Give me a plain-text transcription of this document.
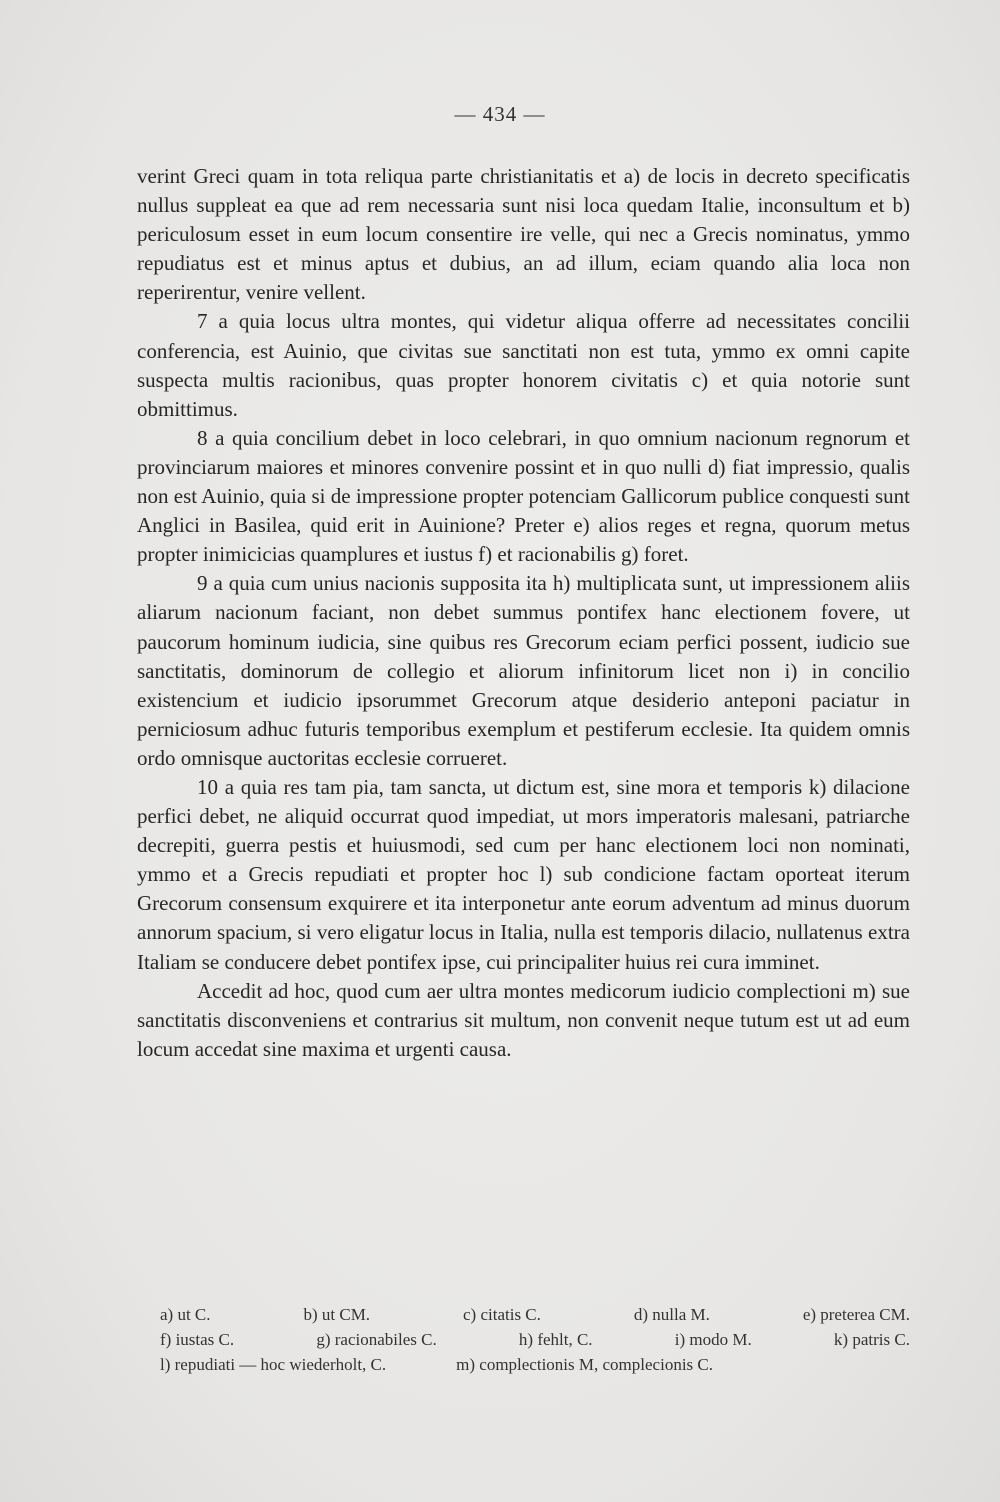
— 434 —

verint Greci quam in tota reliqua parte christianitatis et a) de locis in decreto specificatis nullus suppleat ea que ad rem necessaria sunt nisi loca quedam Italie, inconsultum et b) periculosum esset in eum locum consentire ire velle, qui nec a Grecis nominatus, ymmo repudiatus est et minus aptus et dubius, an ad illum, eciam quando alia loca non reperirentur, venire vellent.

7 a quia locus ultra montes, qui videtur aliqua offerre ad necessitates concilii conferencia, est Auinio, que civitas sue sanctitati non est tuta, ymmo ex omni capite suspecta multis racionibus, quas propter honorem civitatis c) et quia notorie sunt obmittimus.

8 a quia concilium debet in loco celebrari, in quo omnium nacionum regnorum et provinciarum maiores et minores convenire possint et in quo nulli d) fiat impressio, qualis non est Auinio, quia si de impressione propter potenciam Gallicorum publice conquesti sunt Anglici in Basilea, quid erit in Auinione? Preter e) alios reges et regna, quorum metus propter inimicicias quamplures et iustus f) et racionabilis g) foret.

9 a quia cum unius nacionis supposita ita h) multiplicata sunt, ut impressionem aliis aliarum nacionum faciant, non debet summus pontifex hanc electionem fovere, ut paucorum hominum iudicia, sine quibus res Grecorum eciam perfici possent, iudicio sue sanctitatis, dominorum de collegio et aliorum infinitorum licet non i) in concilio existencium et iudicio ipsorummet Grecorum atque desiderio anteponi paciatur in perniciosum adhuc futuris temporibus exemplum et pestiferum ecclesie. Ita quidem omnis ordo omnisque auctoritas ecclesie corrueret.

10 a quia res tam pia, tam sancta, ut dictum est, sine mora et temporis k) dilacione perfici debet, ne aliquid occurrat quod impediat, ut mors imperatoris malesani, patriarche decrepiti, guerra pestis et huiusmodi, sed cum per hanc electionem loci non nominati, ymmo et a Grecis repudiati et propter hoc l) sub condicione factam oporteat iterum Grecorum consensum exquirere et ita interponetur ante eorum adventum ad minus duorum annorum spacium, si vero eligatur locus in Italia, nulla est temporis dilacio, nullatenus extra Italiam se conducere debet pontifex ipse, cui principaliter huius rei cura imminet.

Accedit ad hoc, quod cum aer ultra montes medicorum iudicio complectioni m) sue sanctitatis disconveniens et contrarius sit multum, non convenit neque tutum est ut ad eum locum accedat sine maxima et urgenti causa.

a) ut C.	b) ut CM.	c) citatis C.	d) nulla M.	e) preterea CM.
f) iustas C.	g) racionabiles C.	h) fehlt, C.	i) modo M.	k) patris C.
l) repudiati — hoc wiederholt, C.	m) complectionis M, complecionis C.
